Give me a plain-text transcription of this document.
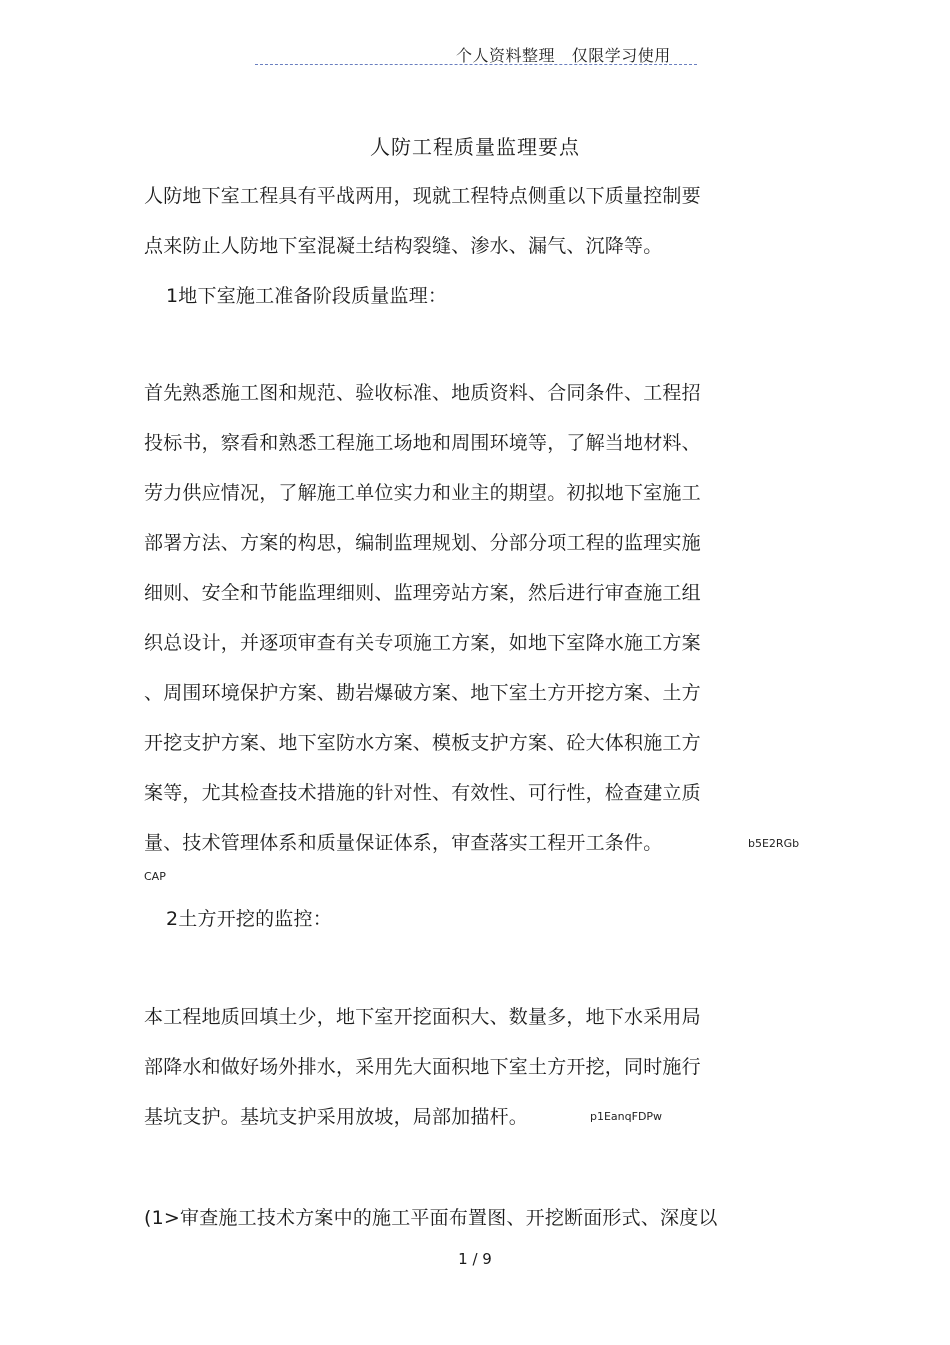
个人资料整理   仅限学习使用
人防工程质量监理要点
人防地下室工程具有平战两用，现就工程特点侧重以下质量控制要
点来防止人防地下室混凝土结构裂缝、渗水、漏气、沉降等。
1地下室施工准备阶段质量监理：
首先熟悉施工图和规范、验收标准、地质资料、合同条件、工程招
投标书，察看和熟悉工程施工场地和周围环境等，了解当地材料、
劳力供应情况，了解施工单位实力和业主的期望。初拟地下室施工
部署方法、方案的构思，编制监理规划、分部分项工程的监理实施
细则、安全和节能监理细则、监理旁站方案，然后进行审查施工组
织总设计，并逐项审查有关专项施工方案，如地下室降水施工方案
、周围环境保护方案、勘岩爆破方案、地下室土方开挖方案、土方
开挖支护方案、地下室防水方案、模板支护方案、砼大体积施工方
案等，尤其检查技术措施的针对性、有效性、可行性，检查建立质
量、技术管理体系和质量保证体系，审查落实工程开工条件。	b5E2RGb
CAP
2土方开挖的监控：
本工程地质回填土少，地下室开挖面积大、数量多，地下水采用局
部降水和做好场外排水，采用先大面积地下室土方开挖，同时施行
基坑支护。基坑支护采用放坡，局部加描杆。	p1EanqFDPw
(1>审查施工技术方案中的施工平面布置图、开挖断面形式、深度以
1 / 9
